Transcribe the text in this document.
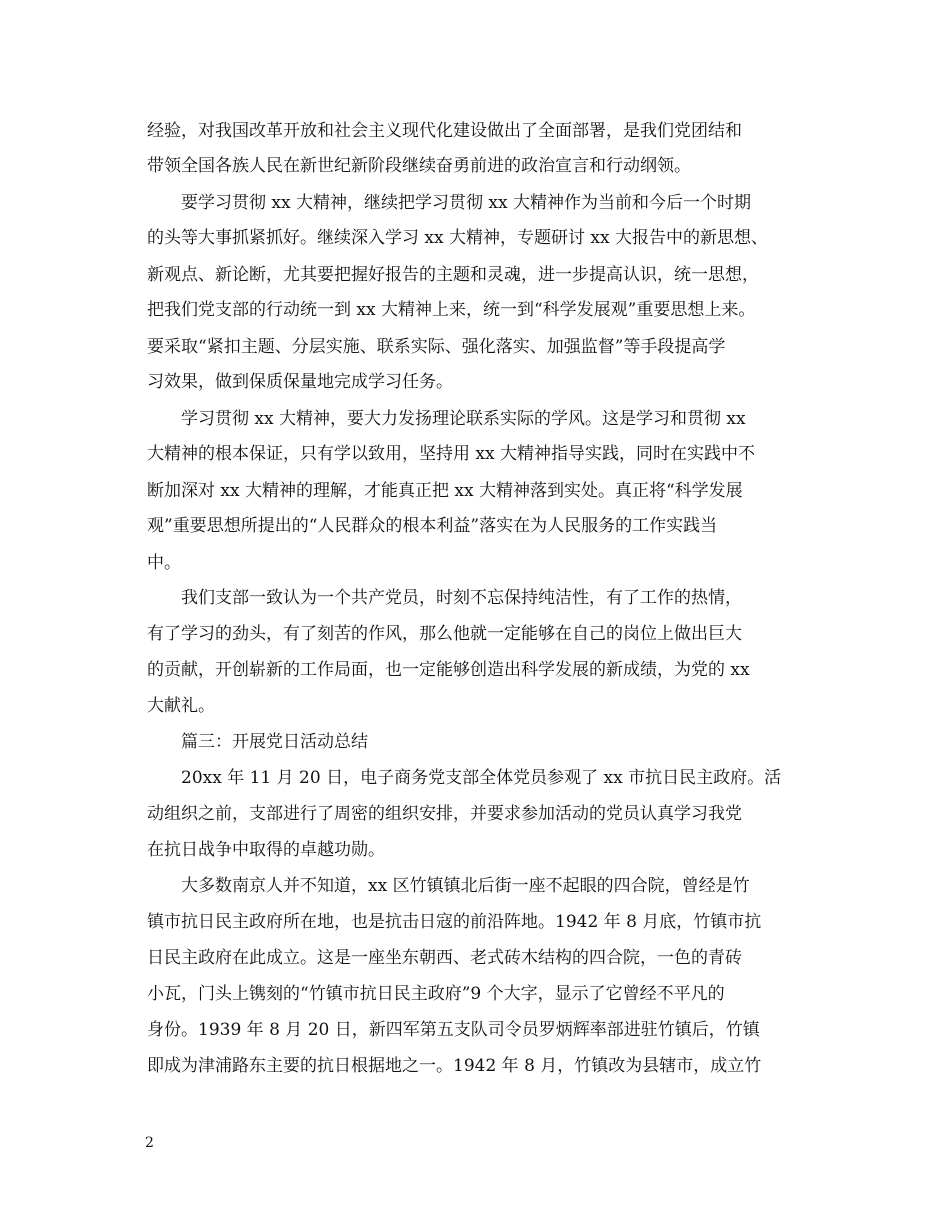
经验，对我国改革开放和社会主义现代化建设做出了全面部署，是我们党团结和
带领全国各族人民在新世纪新阶段继续奋勇前进的政治宣言和行动纲领。
要学习贯彻 xx 大精神，继续把学习贯彻 xx 大精神作为当前和今后一个时期
的头等大事抓紧抓好。继续深入学习 xx 大精神，专题研讨 xx 大报告中的新思想、
新观点、新论断，尤其要把握好报告的主题和灵魂，进一步提高认识，统一思想，
把我们党支部的行动统一到 xx 大精神上来，统一到“科学发展观”重要思想上来。
要采取“紧扣主题、分层实施、联系实际、强化落实、加强监督”等手段提高学
习效果，做到保质保量地完成学习任务。
学习贯彻 xx 大精神，要大力发扬理论联系实际的学风。这是学习和贯彻 xx
大精神的根本保证，只有学以致用，坚持用 xx 大精神指导实践，同时在实践中不
断加深对 xx 大精神的理解，才能真正把 xx 大精神落到实处。真正将“科学发展
观”重要思想所提出的“人民群众的根本利益”落实在为人民服务的工作实践当
中。
我们支部一致认为一个共产党员，时刻不忘保持纯洁性，有了工作的热情，
有了学习的劲头，有了刻苦的作风，那么他就一定能够在自己的岗位上做出巨大
的贡献，开创崭新的工作局面，也一定能够创造出科学发展的新成绩，为党的 xx
大献礼。
篇三：开展党日活动总结
20xx 年 11 月 20 日，电子商务党支部全体党员参观了 xx 市抗日民主政府。活
动组织之前，支部进行了周密的组织安排，并要求参加活动的党员认真学习我党
在抗日战争中取得的卓越功勋。
大多数南京人并不知道，xx 区竹镇镇北后街一座不起眼的四合院，曾经是竹
镇市抗日民主政府所在地，也是抗击日寇的前沿阵地。1942 年 8 月底，竹镇市抗
日民主政府在此成立。这是一座坐东朝西、老式砖木结构的四合院，一色的青砖
小瓦，门头上镌刻的“竹镇市抗日民主政府”9 个大字，显示了它曾经不平凡的
身份。1939 年 8 月 20 日，新四军第五支队司令员罗炳辉率部进驻竹镇后，竹镇
即成为津浦路东主要的抗日根据地之一。1942 年 8 月，竹镇改为县辖市，成立竹
2
